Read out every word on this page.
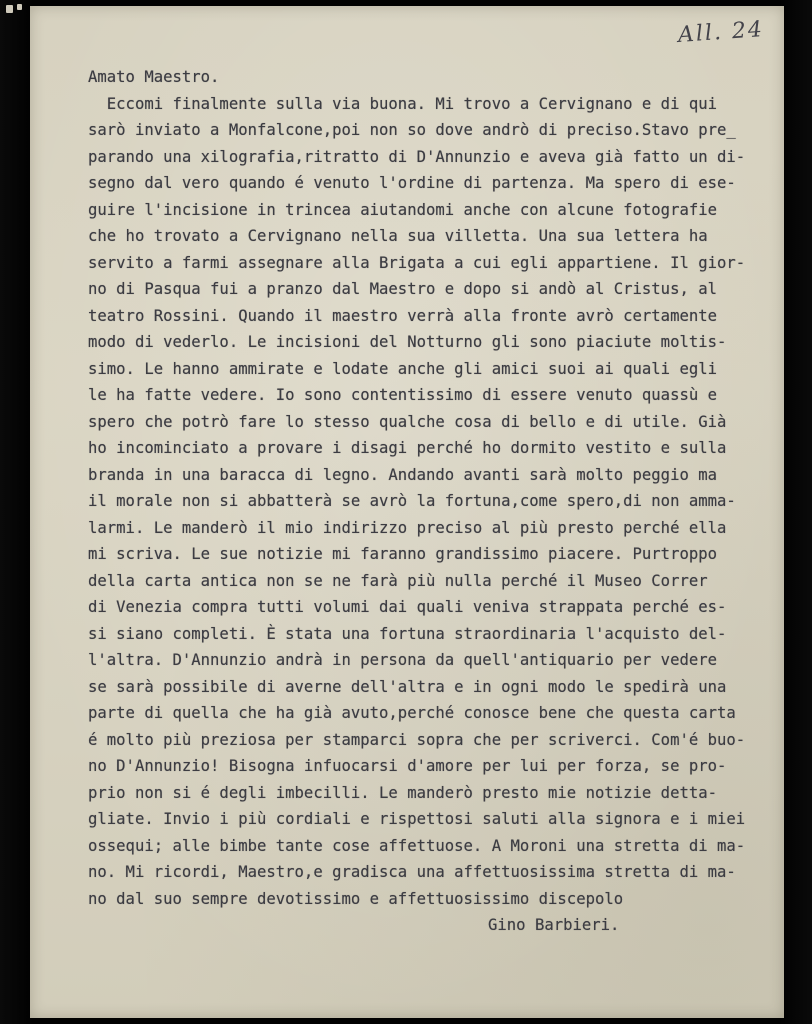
All. 24
Amato Maestro.
Eccomi finalmente sulla via buona. Mi trovo a Cervignano e di qui
sarò inviato a Monfalcone,poi non so dove andrò di preciso.Stavo pre_
parando una xilografia,ritratto di D'Annunzio e aveva già fatto un di-
segno dal vero quando é venuto l'ordine di partenza. Ma spero di ese-
guire l'incisione in trincea aiutandomi anche con alcune fotografie
che ho trovato a Cervignano nella sua villetta. Una sua lettera ha
servito a farmi assegnare alla Brigata a cui egli appartiene. Il gior-
no di Pasqua fui a pranzo dal Maestro e dopo si andò al Cristus, al
teatro Rossini. Quando il maestro verrà alla fronte avrò certamente
modo di vederlo. Le incisioni del Notturno gli sono piaciute moltis-
simo. Le hanno ammirate e lodate anche gli amici suoi ai quali egli
le ha fatte vedere. Io sono contentissimo di essere venuto quassù e
spero che potrò fare lo stesso qualche cosa di bello e di utile. Già
ho incominciato a provare i disagi perché ho dormito vestito e sulla
branda in una baracca di legno. Andando avanti sarà molto peggio ma
il morale non si abbatterà se avrò la fortuna,come spero,di non amma-
larmi. Le manderò il mio indirizzo preciso al più presto perché ella
mi scriva. Le sue notizie mi faranno grandissimo piacere. Purtroppo
della carta antica non se ne farà più nulla perché il Museo Correr
di Venezia compra tutti volumi dai quali veniva strappata perché es-
si siano completi. È stata una fortuna straordinaria l'acquisto del-
l'altra. D'Annunzio andrà in persona da quell'antiquario per vedere
se sarà possibile di averne dell'altra e in ogni modo le spedirà una
parte di quella che ha già avuto,perché conosce bene che questa carta
é molto più preziosa per stamparci sopra che per scriverci. Com'é buo-
no D'Annunzio! Bisogna infuocarsi d'amore per lui per forza, se pro-
prio non si é degli imbecilli. Le manderò presto mie notizie detta-
gliate. Invio i più cordiali e rispettosi saluti alla signora e i miei
ossequi; alle bimbe tante cose affettuose. A Moroni una stretta di ma-
no. Mi ricordi, Maestro,e gradisca una affettuosissima stretta di ma-
no dal suo sempre devotissimo e affettuosissimo discepolo
Gino Barbieri.
